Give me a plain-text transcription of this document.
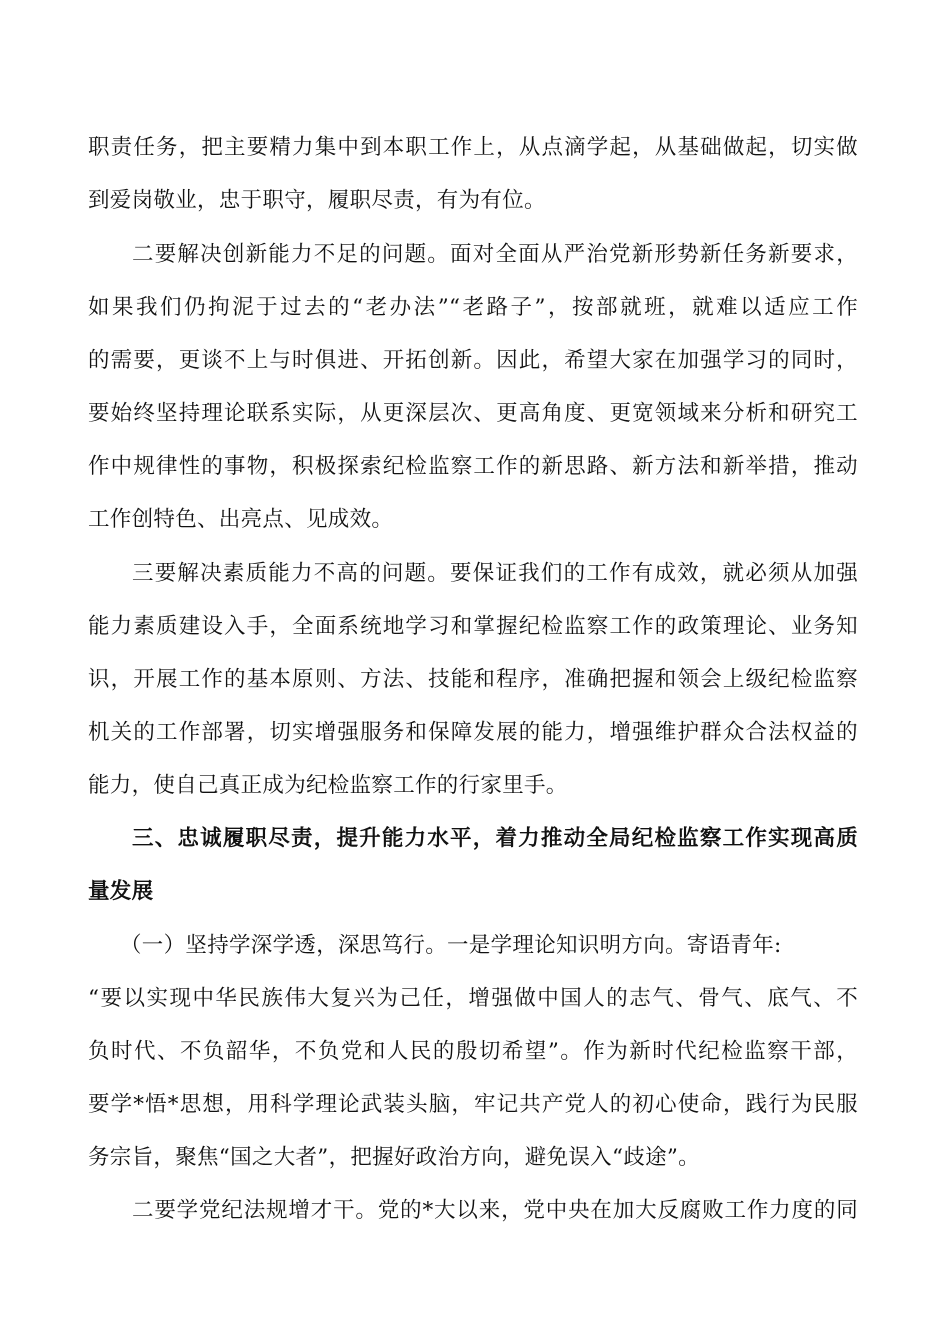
职责任务，把主要精力集中到本职工作上，从点滴学起，从基础做起，切实做
到爱岗敬业，忠于职守，履职尽责，有为有位。
二要解决创新能力不足的问题。面对全面从严治党新形势新任务新要求，
如果我们仍拘泥于过去的“老办法”“老路子”，按部就班，就难以适应工作
的需要，更谈不上与时俱进、开拓创新。因此，希望大家在加强学习的同时，
要始终坚持理论联系实际，从更深层次、更高角度、更宽领域来分析和研究工
作中规律性的事物，积极探索纪检监察工作的新思路、新方法和新举措，推动
工作创特色、出亮点、见成效。
三要解决素质能力不高的问题。要保证我们的工作有成效，就必须从加强
能力素质建设入手，全面系统地学习和掌握纪检监察工作的政策理论、业务知
识，开展工作的基本原则、方法、技能和程序，准确把握和领会上级纪检监察
机关的工作部署，切实增强服务和保障发展的能力，增强维护群众合法权益的
能力，使自己真正成为纪检监察工作的行家里手。
三、忠诚履职尽责，提升能力水平，着力推动全局纪检监察工作实现高质
量发展
（一）坚持学深学透，深思笃行。一是学理论知识明方向。寄语青年:
“要以实现中华民族伟大复兴为己任，增强做中国人的志气、骨气、底气、不
负时代、不负韶华，不负党和人民的殷切希望”。作为新时代纪检监察干部，
要学*悟*思想，用科学理论武装头脑，牢记共产党人的初心使命，践行为民服
务宗旨，聚焦“国之大者”，把握好政治方向，避免误入“歧途”。
二要学党纪法规增才干。党的*大以来，党中央在加大反腐败工作力度的同
